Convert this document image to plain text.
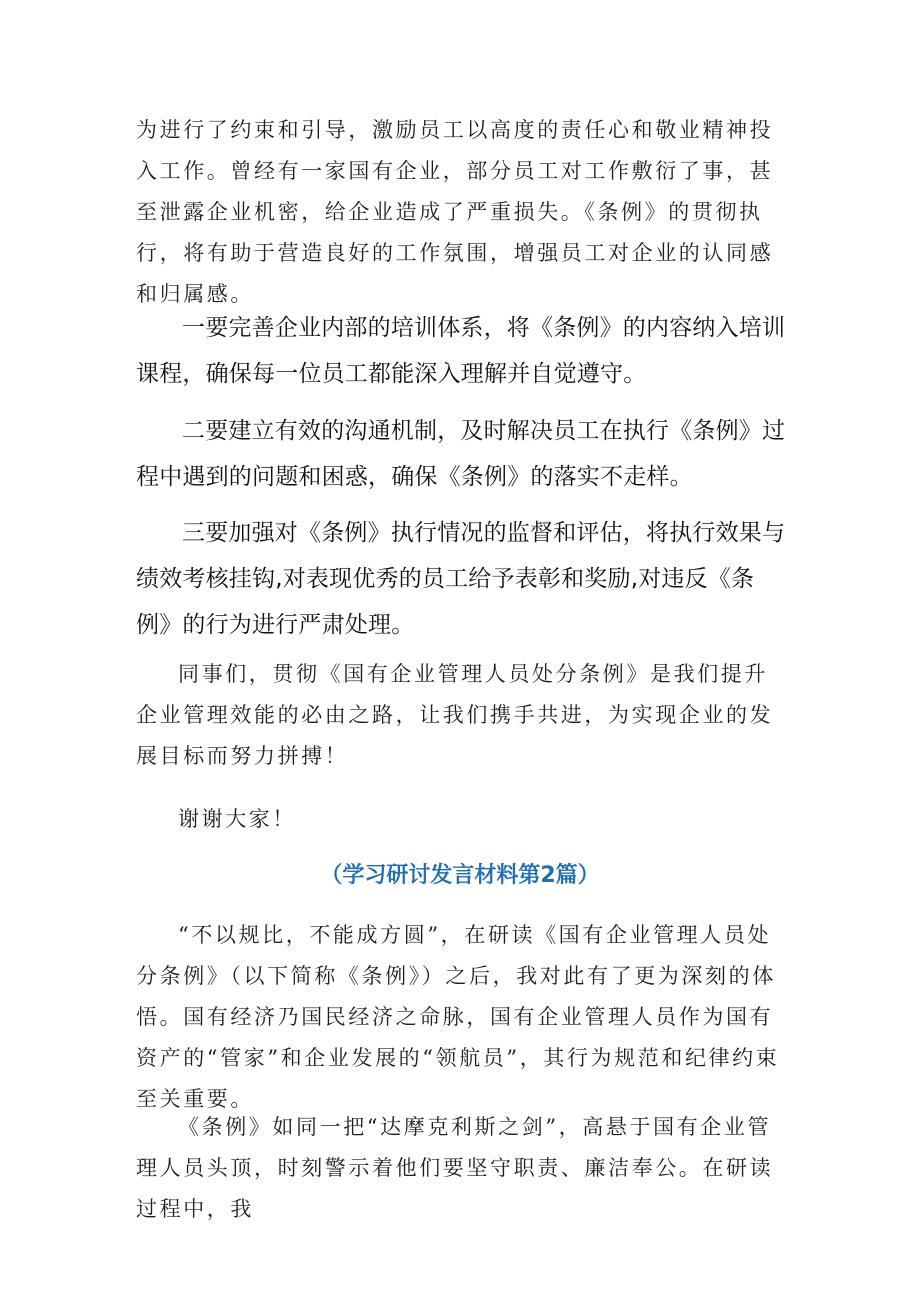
为进行了约束和引导，激励员工以高度的责任心和敬业精神投入工作。曾经有一家国有企业，部分员工对工作敷衍了事，甚至泄露企业机密，给企业造成了严重损失。《条例》的贯彻执行，将有助于营造良好的工作氛围，增强员工对企业的认同感和归属感。

一要完善企业内部的培训体系，将《条例》的内容纳入培训课程，确保每一位员工都能深入理解并自觉遵守。

二要建立有效的沟通机制，及时解决员工在执行《条例》过程中遇到的问题和困惑，确保《条例》的落实不走样。

三要加强对《条例》执行情况的监督和评估，将执行效果与绩效考核挂钩,对表现优秀的员工给予表彰和奖励,对违反《条例》的行为进行严肃处理。

同事们，贯彻《国有企业管理人员处分条例》是我们提升企业管理效能的必由之路，让我们携手共进，为实现企业的发展目标而努力拼搏！

谢谢大家！

（学习研讨发言材料第2篇）

“不以规比，不能成方圆”，在研读《国有企业管理人员处分条例》（以下简称《条例》）之后，我对此有了更为深刻的体悟。国有经济乃国民经济之命脉，国有企业管理人员作为国有资产的“管家”和企业发展的“领航员”，其行为规范和纪律约束至关重要。

《条例》如同一把“达摩克利斯之剑”，高悬于国有企业管理人员头顶，时刻警示着他们要坚守职责、廉洁奉公。在研读过程中，我
